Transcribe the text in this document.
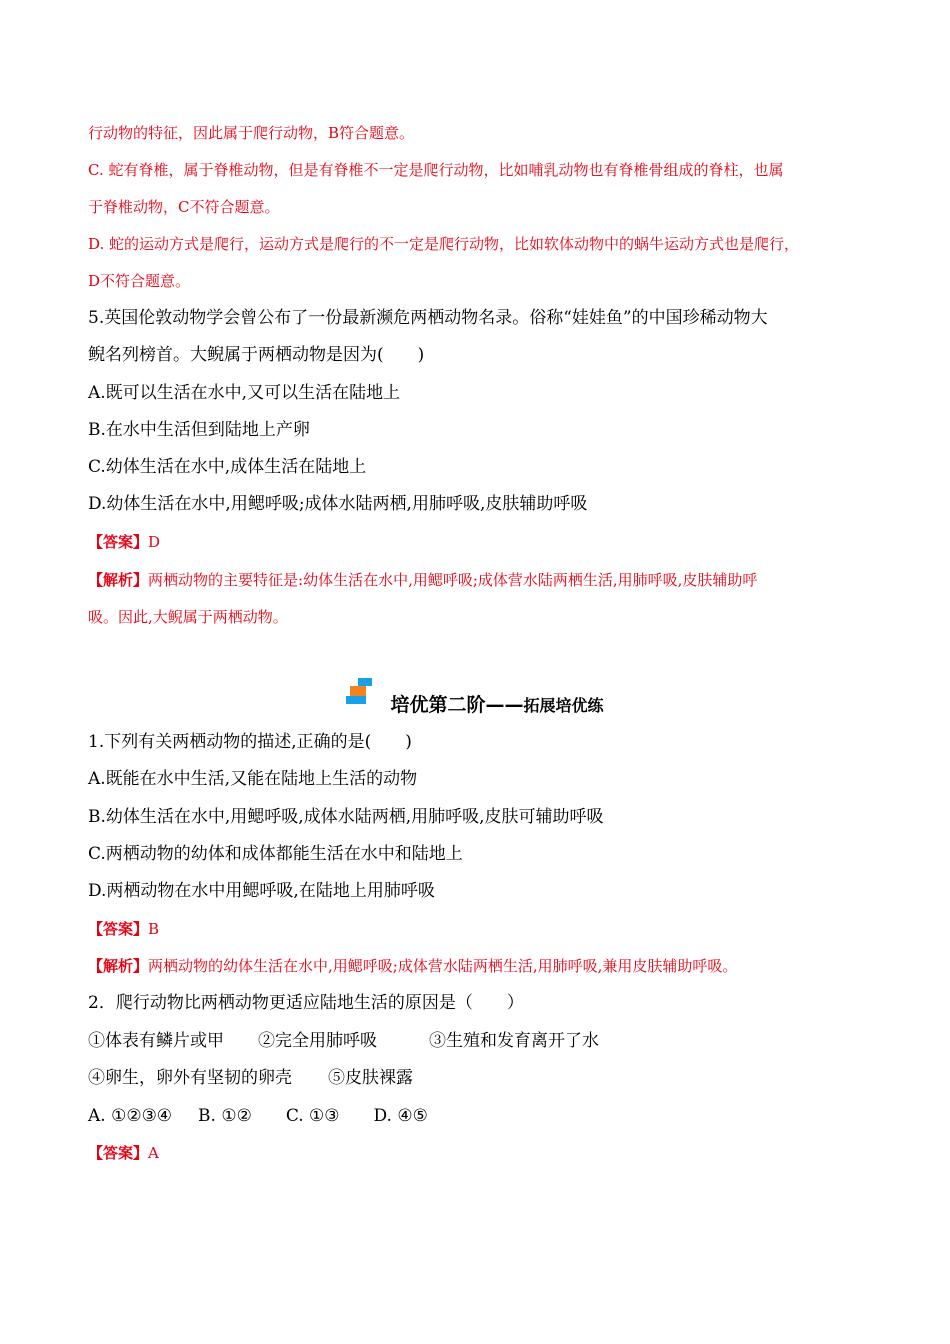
行动物的特征，因此属于爬行动物，B符合题意。
C. 蛇有脊椎，属于脊椎动物，但是有脊椎不一定是爬行动物，比如哺乳动物也有脊椎骨组成的脊柱，也属
于脊椎动物，C不符合题意。
D. 蛇的运动方式是爬行，运动方式是爬行的不一定是爬行动物，比如软体动物中的蜗牛运动方式也是爬行，
D不符合题意。
5.英国伦敦动物学会曾公布了一份最新濒危两栖动物名录。俗称“娃娃鱼”的中国珍稀动物大
鲵名列榜首。大鲵属于两栖动物是因为(　　)
A.既可以生活在水中,又可以生活在陆地上
B.在水中生活但到陆地上产卵
C.幼体生活在水中,成体生活在陆地上
D.幼体生活在水中,用鳃呼吸;成体水陆两栖,用肺呼吸,皮肤辅助呼吸
【答案】D
【解析】两栖动物的主要特征是:幼体生活在水中,用鳃呼吸;成体营水陆两栖生活,用肺呼吸,皮肤辅助呼
吸。因此,大鲵属于两栖动物。
培优第二阶——拓展培优练
1.下列有关两栖动物的描述,正确的是(　　)
A.既能在水中生活,又能在陆地上生活的动物
B.幼体生活在水中,用鳃呼吸,成体水陆两栖,用肺呼吸,皮肤可辅助呼吸
C.两栖动物的幼体和成体都能生活在水中和陆地上
D.两栖动物在水中用鳃呼吸,在陆地上用肺呼吸
【答案】B
【解析】两栖动物的幼体生活在水中,用鳃呼吸;成体营水陆两栖生活,用肺呼吸,兼用皮肤辅助呼吸。
2．爬行动物比两栖动物更适应陆地生活的原因是（　　）
①体表有鳞片或甲 ②完全用肺呼吸	③生殖和发育离开了水
④卵生，卵外有坚韧的卵壳 ⑤皮肤裸露
A. ①②③④ B. ①② C. ①③ D. ④⑤
【答案】A
